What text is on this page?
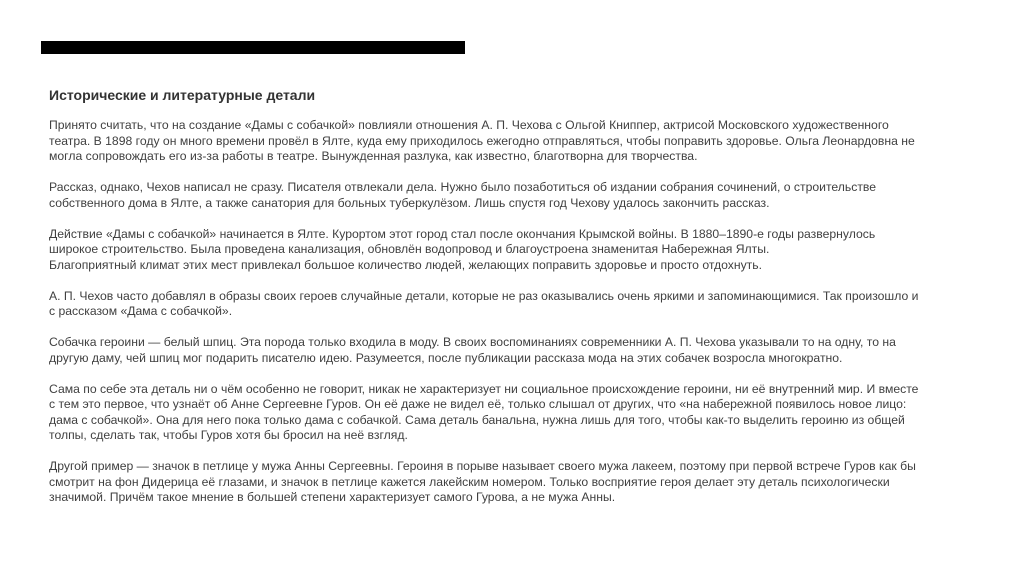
Исторические и литературные детали

Принято считать, что на создание «Дамы с собачкой» повлияли отношения А. П. Чехова с Ольгой Книппер, актрисой Московского художественного
театра. В 1898 году он много времени провёл в Ялте, куда ему приходилось ежегодно отправляться, чтобы поправить здоровье. Ольга Леонардовна не
могла сопровождать его из-за работы в театре. Вынужденная разлука, как известно, благотворна для творчества.

Рассказ, однако, Чехов написал не сразу. Писателя отвлекали дела. Нужно было позаботиться об издании собрания сочинений, о строительстве
собственного дома в Ялте, а также санатория для больных туберкулёзом. Лишь спустя год Чехову удалось закончить рассказ.

Действие «Дамы с собачкой» начинается в Ялте. Курортом этот город стал после окончания Крымской войны. В 1880–1890-е годы развернулось
широкое строительство. Была проведена канализация, обновлён водопровод и благоустроена знаменитая Набережная Ялты.
Благоприятный климат этих мест привлекал большое количество людей, желающих поправить здоровье и просто отдохнуть.

А. П. Чехов часто добавлял в образы своих героев случайные детали, которые не раз оказывались очень яркими и запоминающимися. Так произошло и
с рассказом «Дама с собачкой».

Собачка героини — белый шпиц. Эта порода только входила в моду. В своих воспоминаниях современники А. П. Чехова указывали то на одну, то на
другую даму, чей шпиц мог подарить писателю идею. Разумеется, после публикации рассказа мода на этих собачек возросла многократно.

Сама по себе эта деталь ни о чём особенно не говорит, никак не характеризует ни социальное происхождение героини, ни её внутренний мир. И вместе
с тем это первое, что узнаёт об Анне Сергеевне Гуров. Он её даже не видел её, только слышал от других, что «на набережной появилось новое лицо:
дама с собачкой». Она для него пока только дама с собачкой. Сама деталь банальна, нужна лишь для того, чтобы как-то выделить героиню из общей
толпы, сделать так, чтобы Гуров хотя бы бросил на неё взгляд.

Другой пример — значок в петлице у мужа Анны Сергеевны. Героиня в порыве называет своего мужа лакеем, поэтому при первой встрече Гуров как бы
смотрит на фон Дидерица её глазами, и значок в петлице кажется лакейским номером. Только восприятие героя делает эту деталь психологически
значимой. Причём такое мнение в большей степени характеризует самого Гурова, а не мужа Анны.
